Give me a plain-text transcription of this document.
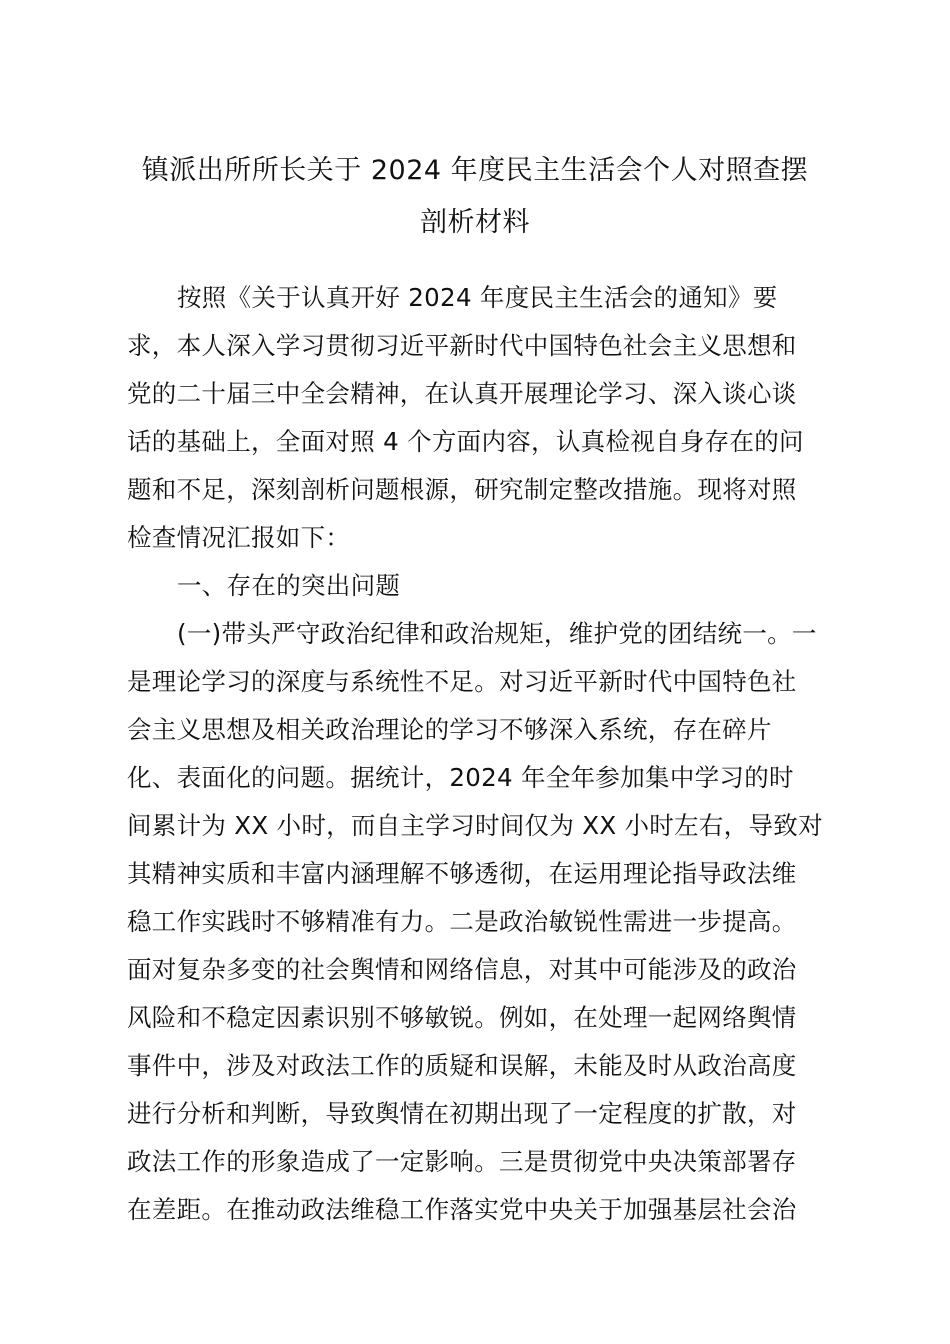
镇派出所所长关于 2024 年度民主生活会个人对照查摆
剖析材料
按照《关于认真开好 2024 年度民主生活会的通知》要
求，本人深入学习贯彻习近平新时代中国特色社会主义思想和
党的二十届三中全会精神，在认真开展理论学习、深入谈心谈
话的基础上，全面对照 4 个方面内容，认真检视自身存在的问
题和不足，深刻剖析问题根源，研究制定整改措施。现将对照
检查情况汇报如下：
一、存在的突出问题
(一)带头严守政治纪律和政治规矩，维护党的团结统一。一
是理论学习的深度与系统性不足。对习近平新时代中国特色社
会主义思想及相关政治理论的学习不够深入系统，存在碎片
化、表面化的问题。据统计，2024 年全年参加集中学习的时
间累计为 XX 小时，而自主学习时间仅为 XX 小时左右，导致对
其精神实质和丰富内涵理解不够透彻，在运用理论指导政法维
稳工作实践时不够精准有力。二是政治敏锐性需进一步提高。
面对复杂多变的社会舆情和网络信息，对其中可能涉及的政治
风险和不稳定因素识别不够敏锐。例如，在处理一起网络舆情
事件中，涉及对政法工作的质疑和误解，未能及时从政治高度
进行分析和判断，导致舆情在初期出现了一定程度的扩散，对
政法工作的形象造成了一定影响。三是贯彻党中央决策部署存
在差距。在推动政法维稳工作落实党中央关于加强基层社会治
